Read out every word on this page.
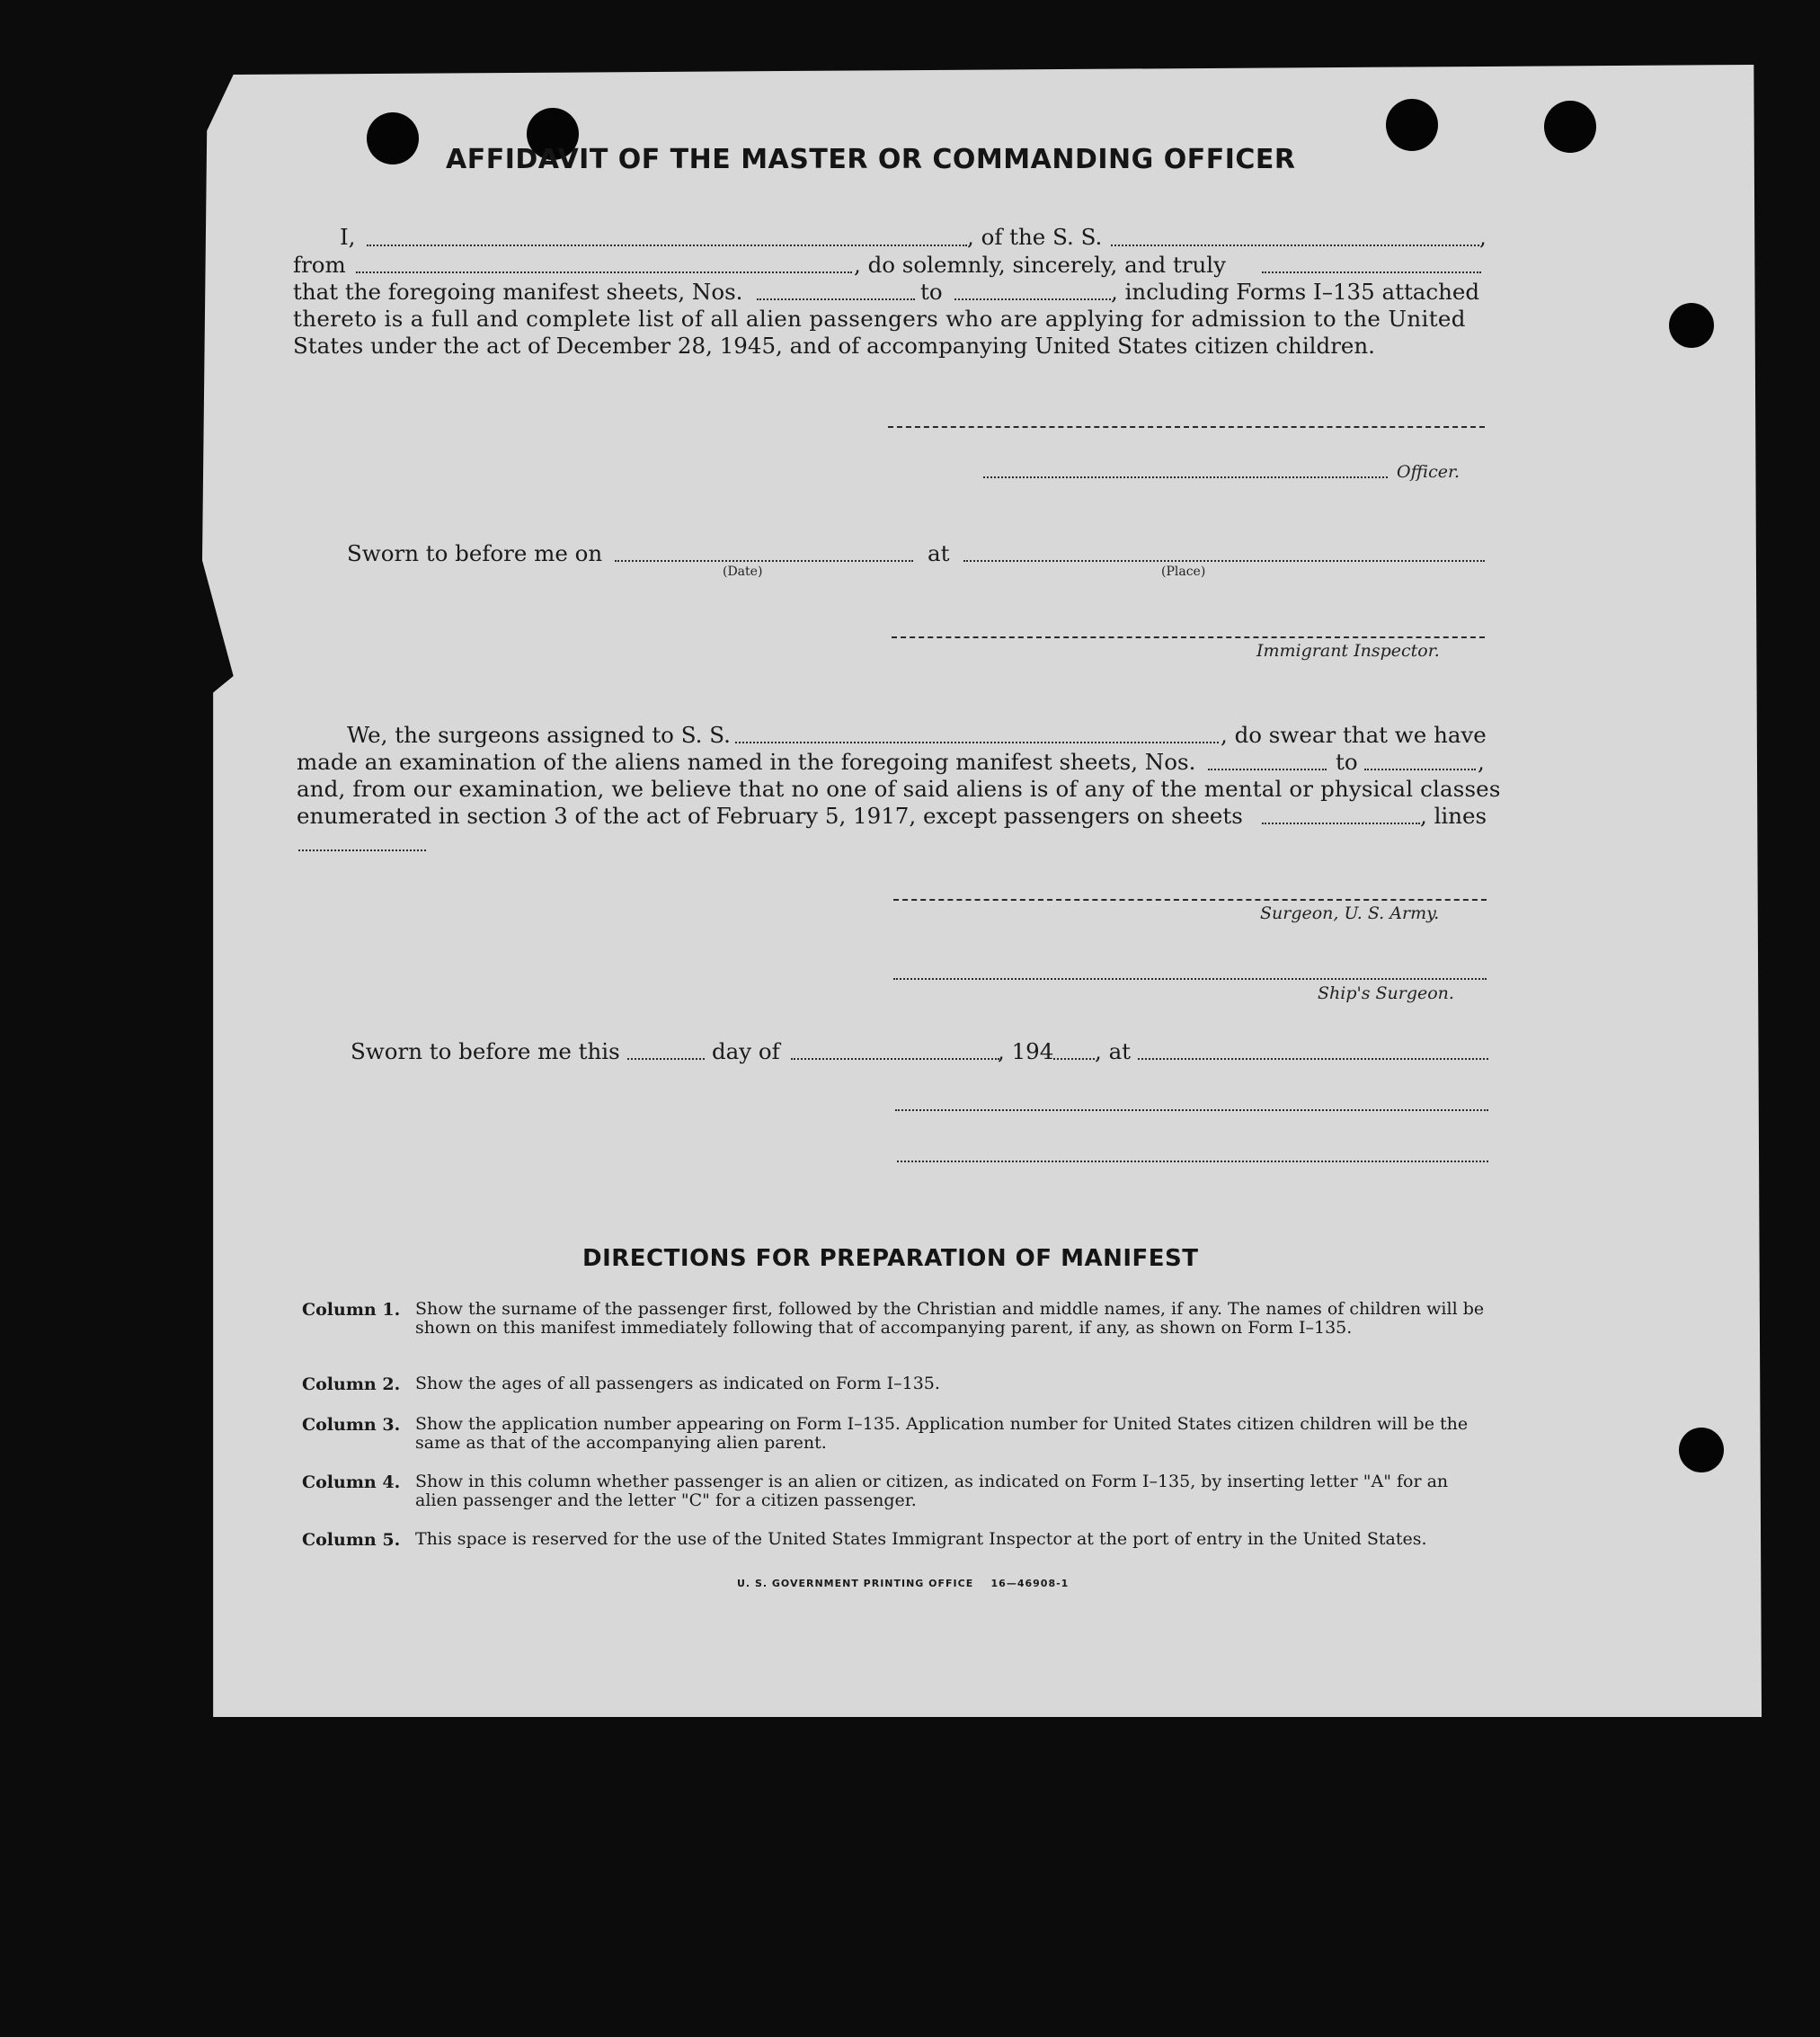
AFFIDAVIT OF THE MASTER OR COMMANDING OFFICER
I,	, of the S. S.	,
from	, do solemnly, sincerely, and truly
that the foregoing manifest sheets, Nos.	to	, including Forms I–135 attached
thereto is a full and complete list of all alien passengers who are applying for admission to the United
States under the act of December 28, 1945, and of accompanying United States citizen children.
Officer.
Sworn to before me on
(Date)
at
(Place)
Immigrant Inspector.
We, the surgeons assigned to S. S.	, do swear that we have
made an examination of the aliens named in the foregoing manifest sheets, Nos.	to	,
and, from our examination, we believe that no one of said aliens is of any of the mental or physical classes
enumerated in section 3 of the act of February 5, 1917, except passengers on sheets	, lines
Surgeon, U. S. Army.
Ship's Surgeon.
Sworn to before me this	day of	, 194 , at
DIRECTIONS FOR PREPARATION OF MANIFEST
Column 1. Show the surname of the passenger first, followed by the Christian and middle names, if any. The names of children will be shown on this manifest immediately following that of accompanying parent, if any, as shown on Form I–135.
Column 2. Show the ages of all passengers as indicated on Form I–135.
Column 3. Show the application number appearing on Form I–135. Application number for United States citizen children will be the same as that of the accompanying alien parent.
Column 4. Show in this column whether passenger is an alien or citizen, as indicated on Form I–135, by inserting letter "A" for an alien passenger and the letter "C" for a citizen passenger.
Column 5. This space is reserved for the use of the United States Immigrant Inspector at the port of entry in the United States.
U. S. GOVERNMENT PRINTING OFFICE    16—46908-1
